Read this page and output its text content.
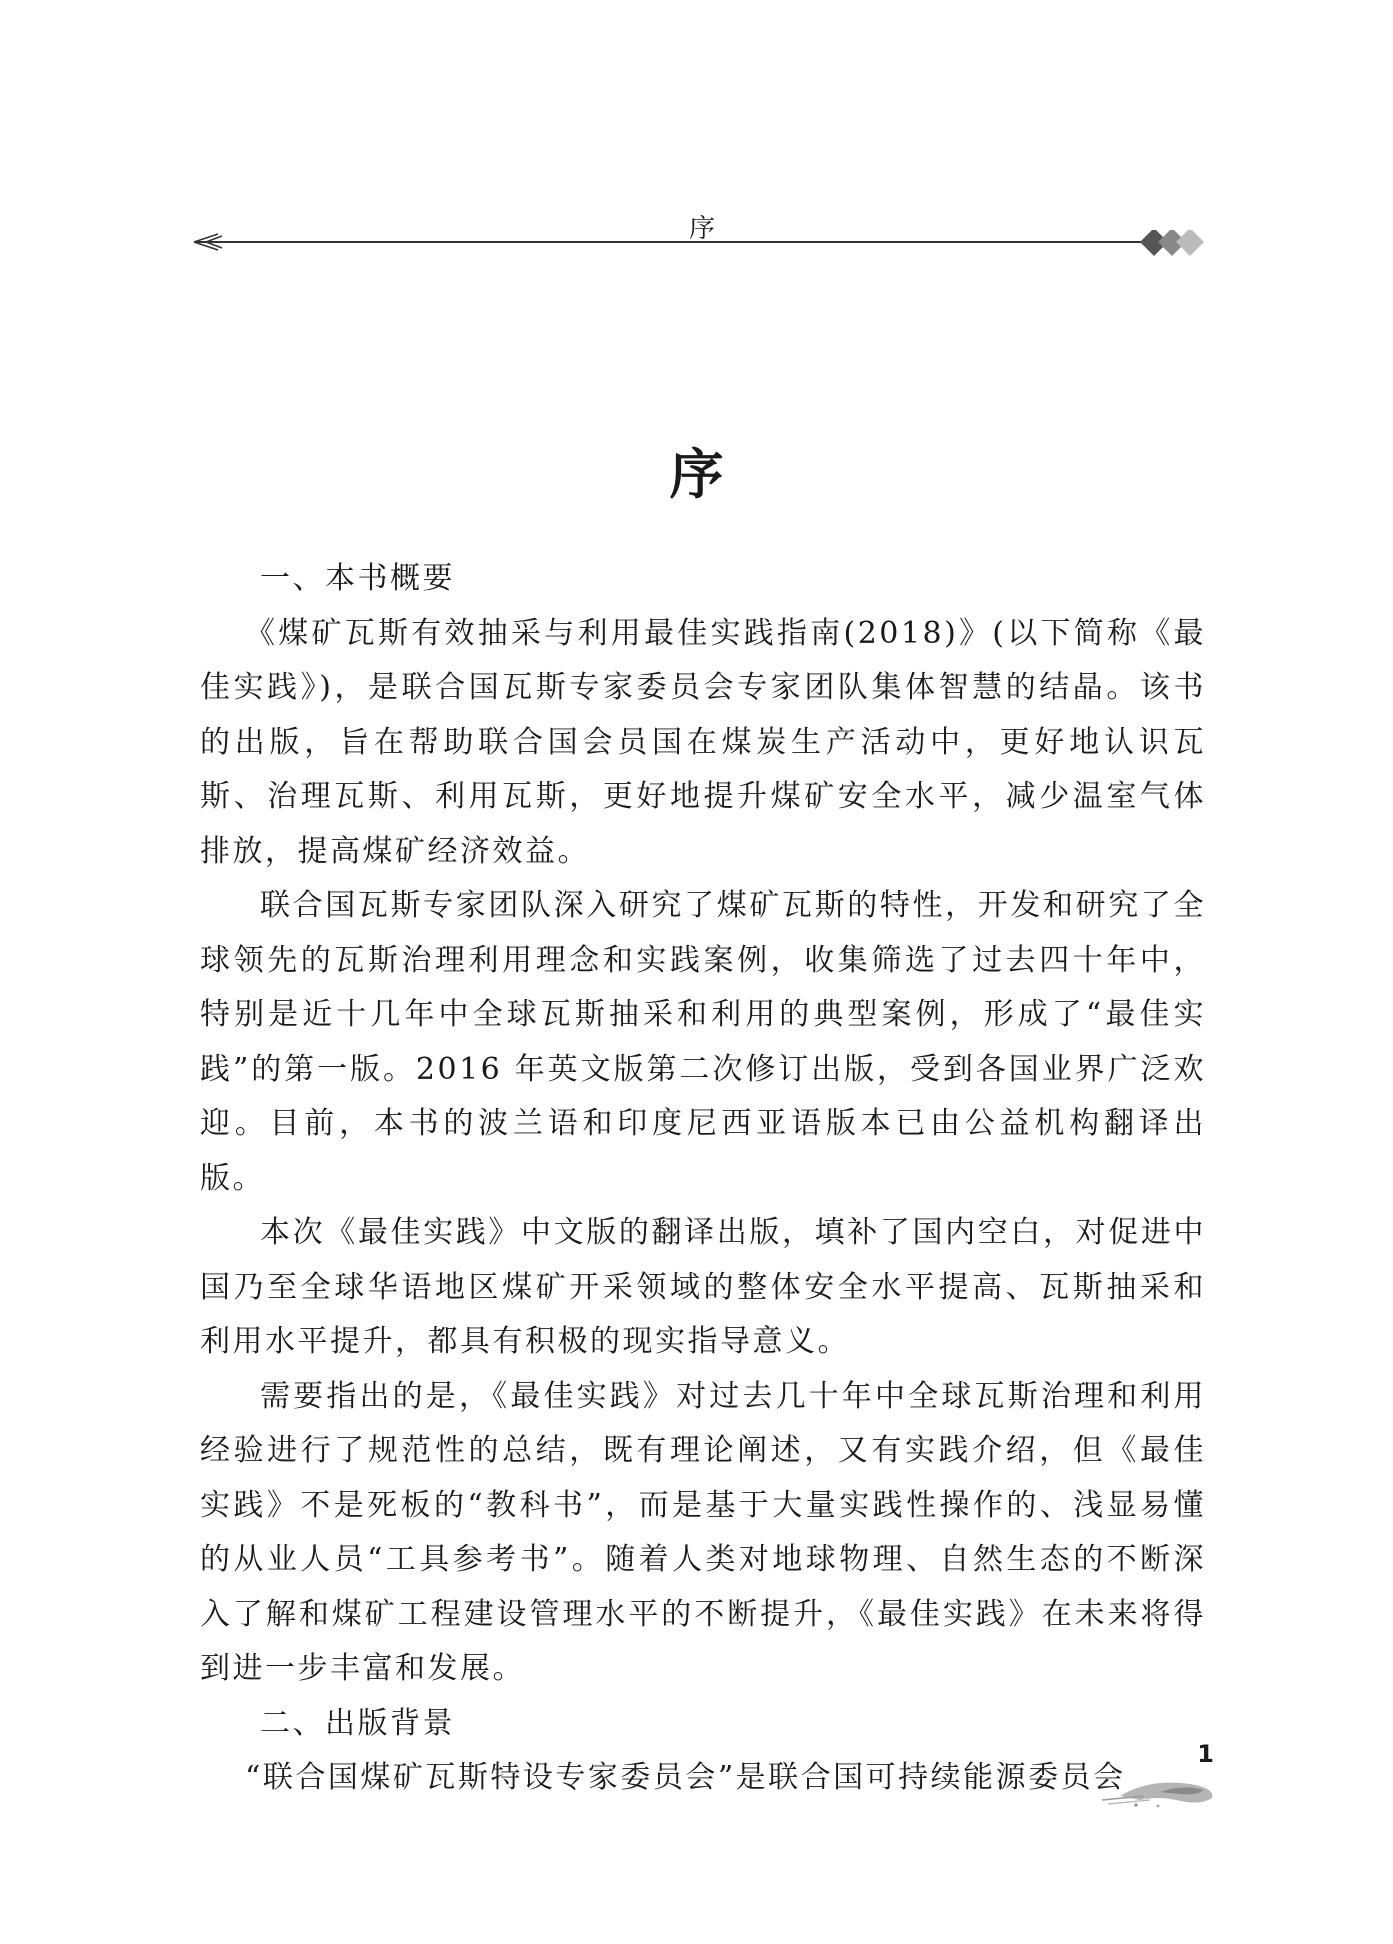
序
序

一、本书概要

《煤矿瓦斯有效抽采与利用最佳实践指南(2018)》(以下简称《最佳实践》)，是联合国瓦斯专家委员会专家团队集体智慧的结晶。该书的出版，旨在帮助联合国会员国在煤炭生产活动中，更好地认识瓦斯、治理瓦斯、利用瓦斯，更好地提升煤矿安全水平，减少温室气体排放，提高煤矿经济效益。

联合国瓦斯专家团队深入研究了煤矿瓦斯的特性，开发和研究了全球领先的瓦斯治理利用理念和实践案例，收集筛选了过去四十年中，特别是近十几年中全球瓦斯抽采和利用的典型案例，形成了“最佳实践”的第一版。2016 年英文版第二次修订出版，受到各国业界广泛欢迎。目前，本书的波兰语和印度尼西亚语版本已由公益机构翻译出版。

本次《最佳实践》中文版的翻译出版，填补了国内空白，对促进中国乃至全球华语地区煤矿开采领域的整体安全水平提高、瓦斯抽采和利用水平提升，都具有积极的现实指导意义。

需要指出的是，《最佳实践》对过去几十年中全球瓦斯治理和利用经验进行了规范性的总结，既有理论阐述，又有实践介绍，但《最佳实践》不是死板的“教科书”，而是基于大量实践性操作的、浅显易懂的从业人员“工具参考书”。随着人类对地球物理、自然生态的不断深入了解和煤矿工程建设管理水平的不断提升，《最佳实践》在未来将得到进一步丰富和发展。

二、出版背景

“联合国煤矿瓦斯特设专家委员会”是联合国可持续能源委员会

1
